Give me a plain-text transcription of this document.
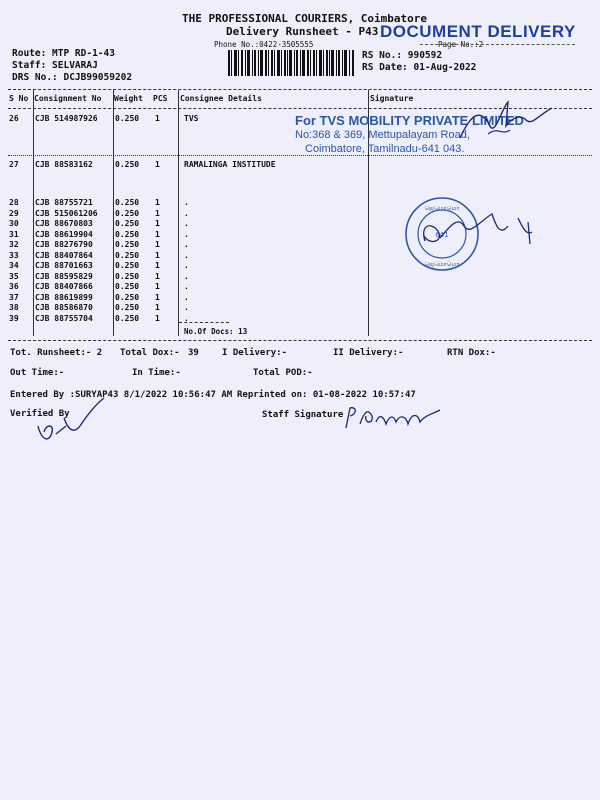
THE PROFESSIONAL COURIERS, Coimbatore
Delivery Runsheet - P43 DOCUMENT DELIVERY
Phone No.:0422-3505555	Page No.:2
Route: MTP RD-1-43
Staff: SELVARAJ
DRS No.: DCJB99059202
RS No.: 990592
RS Date: 01-Aug-2022
S No Consignment No Weight PCS Consignee Details	Signature
26 CJB 514987926 0.250 1	TVS	For TVS MOBILITY PRIVATE LIMITED
No:368 & 369, Mettupalayam Road,
Coimbatore, Tamilnadu-641 043.
27 CJB 88583162	0.250 1	RAMALINGA INSTITUDE
28 CJB 88755721	0.250 1	.
29 CJB 515061206 0.250 1	.
30 CJB 88670803	0.250 1	.
31 CJB 88619904	0.250 1	.
32 CJB 88276790	0.250 1	.
33 CJB 88407864	0.250 1	.
34 CJB 88701663	0.250 1	.
35 CJB 88595829	0.250 1	.
36 CJB 88407866	0.250 1	.
37 CJB 88619899	0.250 1	.
38 CJB 88586870	0.250 1	.
39 CJB 88755704	0.250 1	.
No.Of Docs: 13
ஜெ‌ம‌ொ‌ம‌ொ
641
ஜெமொமொ
Tot. Runsheet:- 2 Total Dox:- 39	I Delivery:-	II Delivery:-	RTN Dox:-
Out Time:-	In Time:-	Total POD:-
Entered By :SURYAP43 8/1/2022 10:56:47 AM Reprinted on: 01-08-2022 10:57:47
Verified By	Staff Signature
